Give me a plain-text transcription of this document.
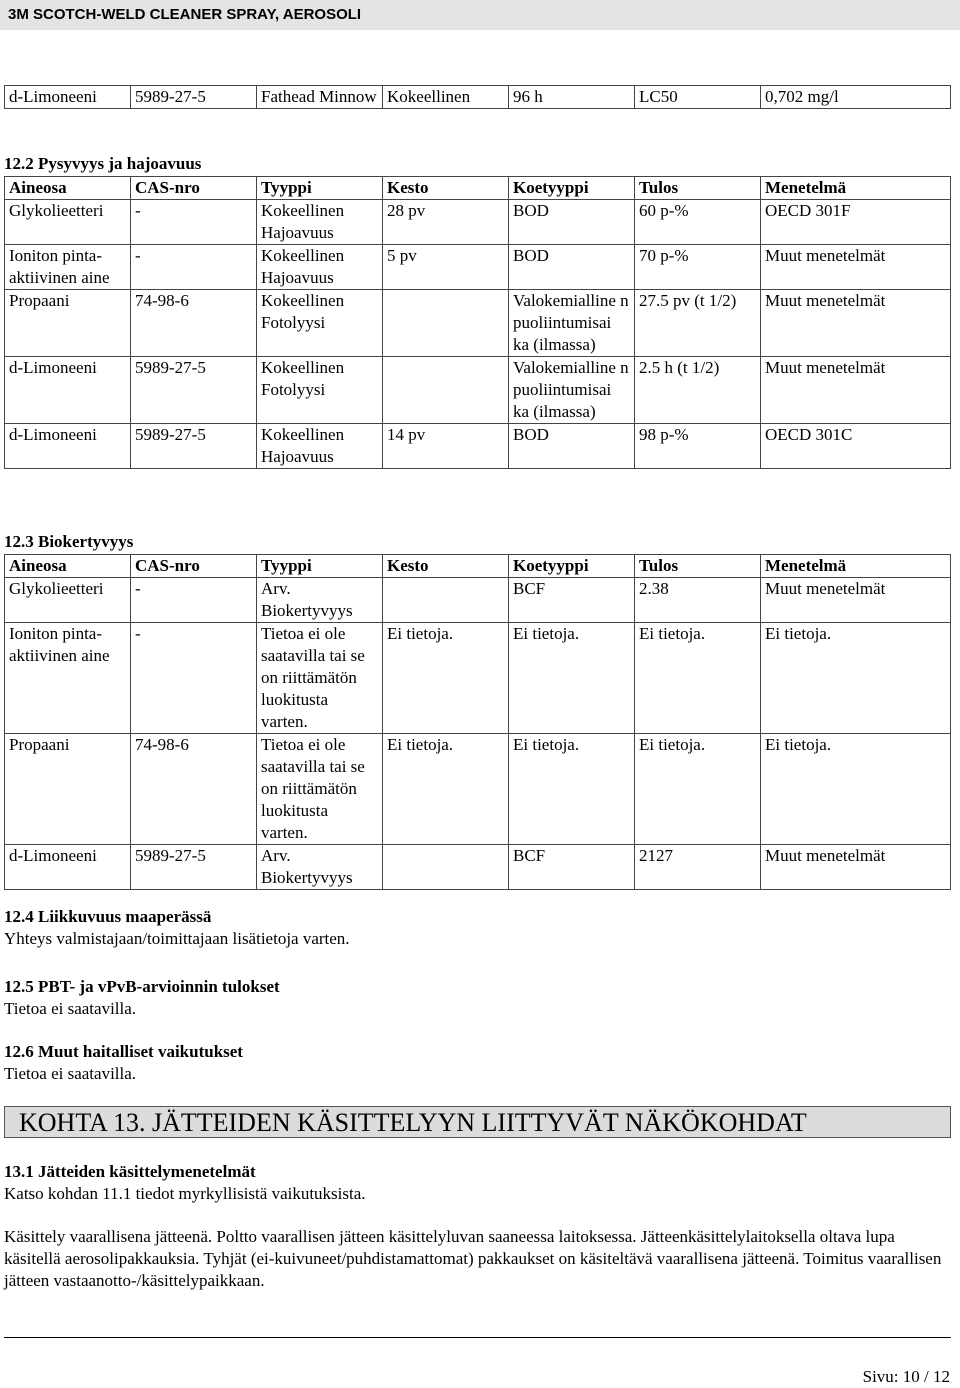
3M SCOTCH-WELD CLEANER SPRAY, AEROSOLI
d-Limoneeni	5989-27-5	Fathead Minnow	Kokeellinen	96 h	LC50	0,702 mg/l
12.2 Pysyvyys ja hajoavuus
Aineosa	CAS-nro	Tyyppi	Kesto	Koetyyppi	Tulos	Menetelmä
Glykolieetteri	-	Kokeellinen Hajoavuus	28 pv	BOD	60 p-%	OECD 301F
Ioniton pinta-aktiivinen aine	-	Kokeellinen Hajoavuus	5 pv	BOD	70 p-%	Muut menetelmät
Propaani	74-98-6	Kokeellinen Fotolyysi		Valokemialline n puoliintumisai ka (ilmassa)	27.5 pv (t 1/2)	Muut menetelmät
d-Limoneeni	5989-27-5	Kokeellinen Fotolyysi		Valokemialline n puoliintumisai ka (ilmassa)	2.5 h (t 1/2)	Muut menetelmät
d-Limoneeni	5989-27-5	Kokeellinen Hajoavuus	14 pv	BOD	98 p-%	OECD 301C
12.3 Biokertyvyys
Aineosa	CAS-nro	Tyyppi	Kesto	Koetyyppi	Tulos	Menetelmä
Glykolieetteri	-	Arv. Biokertyvyys		BCF	2.38	Muut menetelmät
Ioniton pinta-aktiivinen aine	-	Tietoa ei ole saatavilla tai se on riittämätön luokitusta varten.	Ei tietoja.	Ei tietoja.	Ei tietoja.	Ei tietoja.
Propaani	74-98-6	Tietoa ei ole saatavilla tai se on riittämätön luokitusta varten.	Ei tietoja.	Ei tietoja.	Ei tietoja.	Ei tietoja.
d-Limoneeni	5989-27-5	Arv. Biokertyvyys		BCF	2127	Muut menetelmät
12.4 Liikkuvuus maaperässä
Yhteys valmistajaan/toimittajaan lisätietoja varten.
12.5 PBT- ja vPvB-arvioinnin tulokset
Tietoa ei saatavilla.
12.6 Muut haitalliset vaikutukset
Tietoa ei saatavilla.
KOHTA 13. JÄTTEIDEN KÄSITTELYYN LIITTYVÄT NÄKÖKOHDAT
13.1 Jätteiden käsittelymenetelmät
Katso kohdan 11.1 tiedot myrkyllisistä vaikutuksista.
Käsittely vaarallisena jätteenä. Poltto vaarallisen jätteen käsittelyluvan saaneessa laitoksessa. Jätteenkäsittelylaitoksella oltava lupa käsitellä aerosolipakkauksia. Tyhjät (ei-kuivuneet/puhdistamattomat) pakkaukset on käsiteltävä vaarallisena jätteenä. Toimitus vaarallisen jätteen vastaanotto-/käsittelypaikkaan.
Sivu: 10 / 12
